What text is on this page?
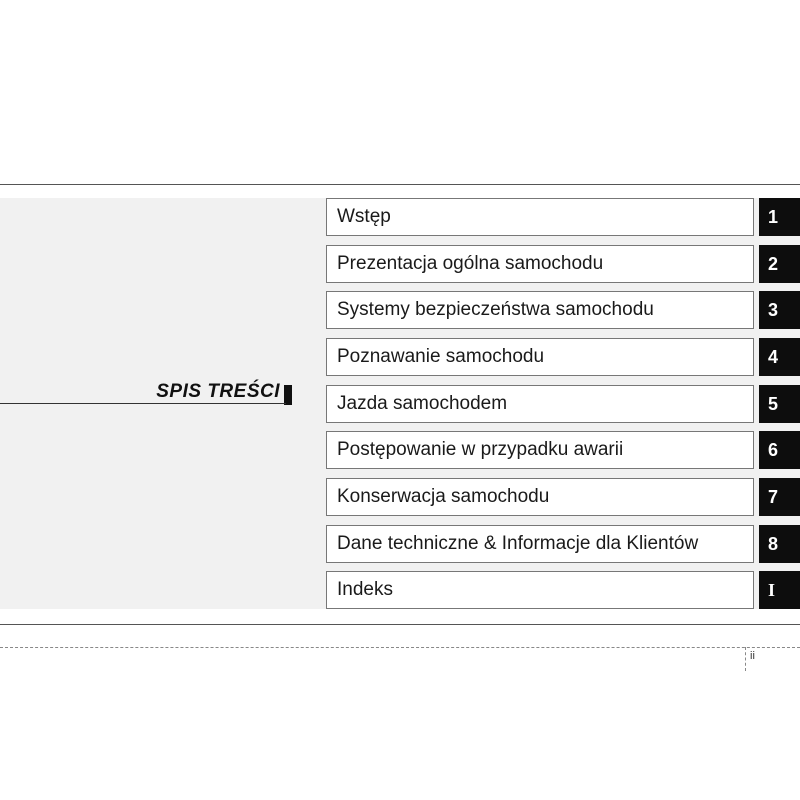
SPIS TREŚCI
Wstęp	1
Prezentacja ogólna samochodu	2
Systemy bezpieczeństwa samochodu	3
Poznawanie samochodu	4
Jazda samochodem	5
Postępowanie w przypadku awarii	6
Konserwacja samochodu	7
Dane techniczne & Informacje dla Klientów	8
Indeks	I
ii
